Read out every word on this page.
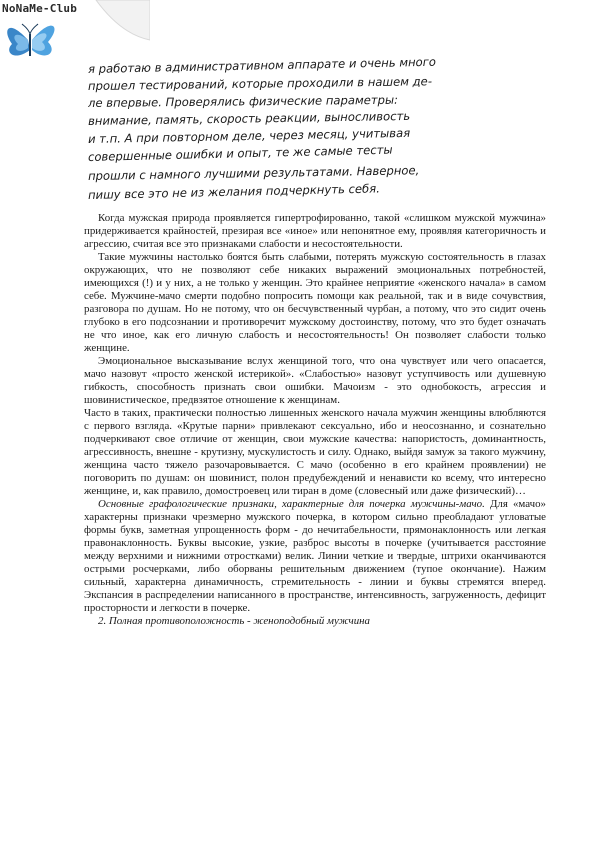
NoNaMe-Club
я работаю в административном аппарате и очень много
прошел тестирований, которые проходили в нашем де-
ле впервые. Проверялись физические параметры:
внимание, память, скорость реакции, выносливость
и т.п. А при повторном деле, через месяц, учитывая
совершенные ошибки и опыт, те же самые тесты
прошли с намного лучшими результатами. Наверное,
пишу все это не из желания подчеркнуть себя.

Когда мужская природа проявляется гипертрофированно, такой «слишком мужской мужчина» придерживается крайностей, презирая все «иное» или непонятное ему, проявляя категоричность и агрессию, считая все это признаками слабости и несостоятельности.

Такие мужчины настолько боятся быть слабыми, потерять мужскую состоятельность в глазах окружающих, что не позволяют себе никаких выражений эмоциональных потребностей, имеющихся (!) и у них, а не только у женщин. Это крайнее неприятие «женского начала» в самом себе. Мужчине-мачо смерти подобно попросить помощи как реальной, так и в виде сочувствия, разговора по душам. Но не потому, что он бесчувственный чурбан, а потому, что это сидит очень глубоко в его подсознании и противоречит мужскому достоинству, потому, что это будет означать не что иное, как его личную слабость и несостоятельность! Он позволяет слабости только женщине.

Эмоциональное высказывание вслух женщиной того, что она чувствует или чего опасается, мачо назовут «просто женской истерикой». «Слабостью» назовут уступчивость или душевную гибкость, способность признать свои ошибки. Мачоизм - это однобокость, агрессия и шовинистическое, предвзятое отношение к женщинам.

Часто в таких, практически полностью лишенных женского начала мужчин женщины влюбляются с первого взгляда. «Крутые парни» привлекают сексуально, ибо и неосознанно, и сознательно подчеркивают свое отличие от женщин, свои мужские качества: напористость, доминантность, агрессивность, внешне - крутизну, мускулистость и силу. Однако, выйдя замуж за такого мужчину, женщина часто тяжело разочаровывается. С мачо (особенно в его крайнем проявлении) не поговорить по душам: он шовинист, полон предубеждений и ненависти ко всему, что интересно женщине, и, как правило, домостроевец или тиран в доме (словесный или даже физический)…

Основные графологические признаки, характерные для почерка мужчины-мачо. Для «мачо» характерны признаки чрезмерно мужского почерка, в котором сильно преобладают угловатые формы букв, заметная упрощенность форм - до нечитабельности, прямонаклонность или легкая правонаклонность. Буквы высокие, узкие, разброс высоты в почерке (учитывается расстояние между верхними и нижними отростками) велик. Линии четкие и твердые, штрихи оканчиваются острыми росчерками, либо оборваны решительным движением (тупое окончание). Нажим сильный, характерна динамичность, стремительность - линии и буквы стремятся вперед. Экспансия в распределении написанного в пространстве, интенсивность, загруженность, дефицит просторности и легкости в почерке.

2. Полная противоположность - женоподобный мужчина
